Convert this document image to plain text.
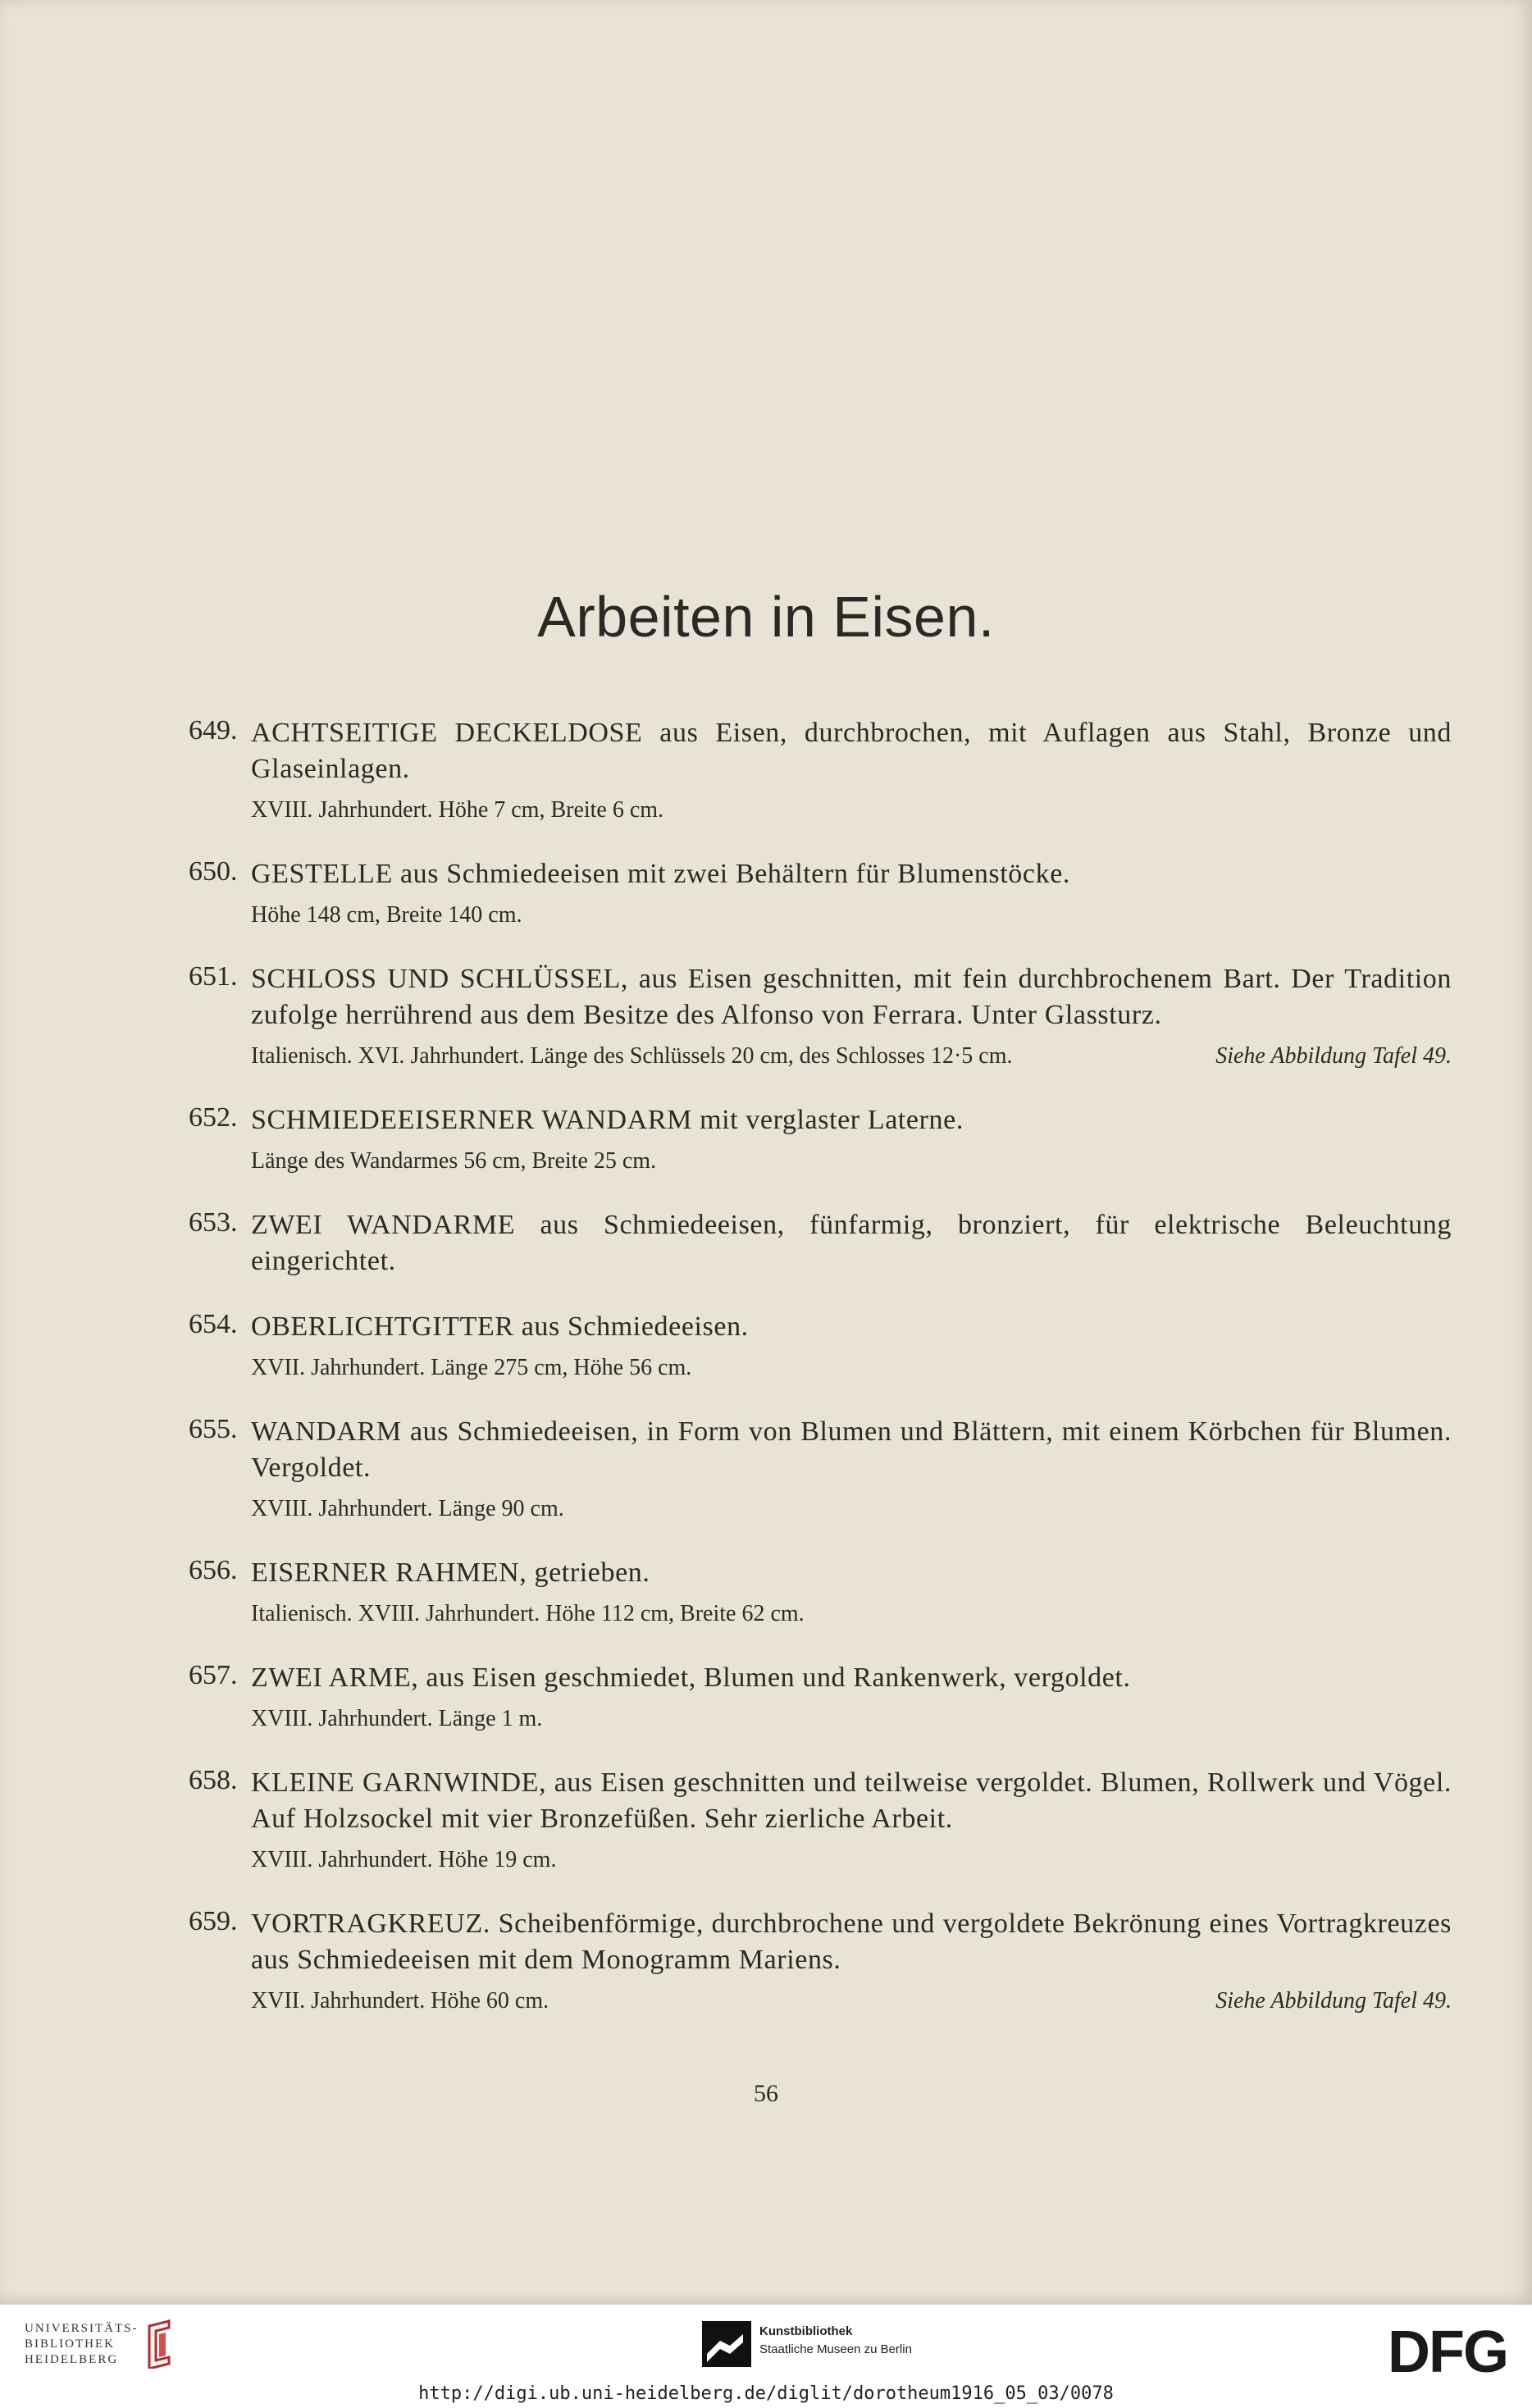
Arbeiten in Eisen.
649. ACHTSEITIGE DECKELDOSE aus Eisen, durchbrochen, mit Auflagen aus Stahl, Bronze und Glaseinlagen.
XVIII. Jahrhundert. Höhe 7 cm, Breite 6 cm.
650. GESTELLE aus Schmiedeeisen mit zwei Behältern für Blumenstöcke.
Höhe 148 cm, Breite 140 cm.
651. SCHLOSS UND SCHLÜSSEL, aus Eisen geschnitten, mit fein durchbrochenem Bart. Der Tradition zufolge herrührend aus dem Besitze des Alfonso von Ferrara. Unter Glassturz.
Italienisch. XVI. Jahrhundert. Länge des Schlüssels 20 cm, des Schlosses 12·5 cm.	Siehe Abbildung Tafel 49.
652. SCHMIEDEEISERNER WANDARM mit verglaster Laterne.
Länge des Wandarmes 56 cm, Breite 25 cm.
653. ZWEI WANDARME aus Schmiedeeisen, fünfarmig, bronziert, für elektrische Beleuchtung eingerichtet.
654. OBERLICHTGITTER aus Schmiedeeisen.
XVII. Jahrhundert. Länge 275 cm, Höhe 56 cm.
655. WANDARM aus Schmiedeeisen, in Form von Blumen und Blättern, mit einem Körbchen für Blumen. Vergoldet.
XVIII. Jahrhundert. Länge 90 cm.
656. EISERNER RAHMEN, getrieben.
Italienisch. XVIII. Jahrhundert. Höhe 112 cm, Breite 62 cm.
657. ZWEI ARME, aus Eisen geschmiedet, Blumen und Rankenwerk, vergoldet.
XVIII. Jahrhundert. Länge 1 m.
658. KLEINE GARNWINDE, aus Eisen geschnitten und teilweise vergoldet. Blumen, Rollwerk und Vögel. Auf Holzsockel mit vier Bronzefüßen. Sehr zierliche Arbeit.
XVIII. Jahrhundert. Höhe 19 cm.
659. VORTRAGKREUZ. Scheibenförmige, durchbrochene und vergoldete Bekrönung eines Vortragkreuzes aus Schmiedeeisen mit dem Monogramm Mariens.
XVII. Jahrhundert. Höhe 60 cm.	Siehe Abbildung Tafel 49.
56
UNIVERSITÄTS-
BIBLIOTHEK
HEIDELBERG
Kunstbibliothek
Staatliche Museen zu Berlin	DFG
http://digi.ub.uni-heidelberg.de/diglit/dorotheum1916_05_03/0078
